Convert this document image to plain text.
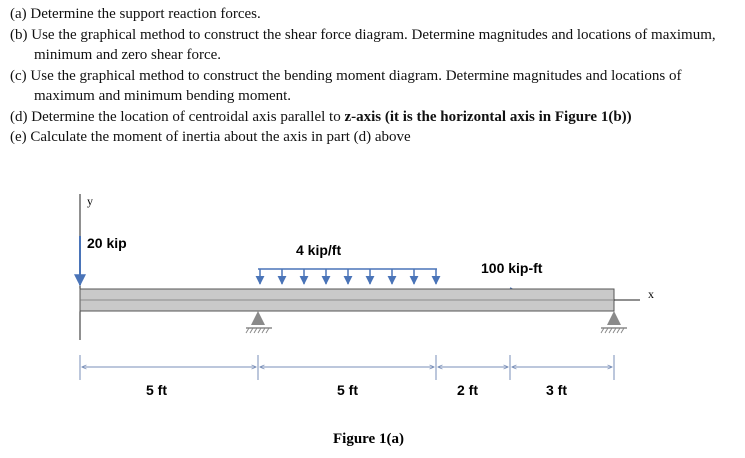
(a) Determine the support reaction forces.

(b) Use the graphical method to construct the shear force diagram. Determine magnitudes and locations of maximum, minimum and zero shear force.

(c) Use the graphical method to construct the bending moment diagram. Determine magnitudes and locations of maximum and minimum bending moment.

(d) Determine the location of centroidal axis parallel to z-axis (it is the horizontal axis in Figure 1(b))

(e) Calculate the moment of inertia about the axis in part (d) above

y
20 kip	4 kip/ft
100 kip-ft
x
5 ft	5 ft	2 ft	3 ft
Figure 1(a)
